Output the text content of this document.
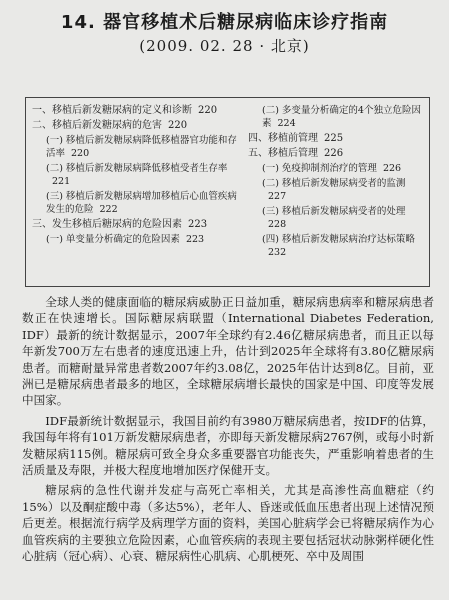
14. 器官移植术后糖尿病临床诊疗指南
(2009. 02. 28 · 北京)
一、移植后新发糖尿病的定义和诊断 220
二、移植后新发糖尿病的危害 220
(一) 移植后新发糖尿病降低移植器官功能和存活率 220
(二) 移植后新发糖尿病降低移植受者生存率221
(三) 移植后新发糖尿病增加移植后心血管疾病发生的危险 222
三、发生移植后糖尿病的危险因素 223
(一) 单变量分析确定的危险因素 223
(二) 多变量分析确定的4个独立危险因素 224
四、移植前管理 225
五、移植后管理 226
(一) 免疫抑制剂治疗的管理 226
(二) 移植后新发糖尿病受者的监测227
(三) 移植后新发糖尿病受者的处理228
(四) 移植后新发糖尿病治疗达标策略232

全球人类的健康面临的糖尿病威胁正日益加重，糖尿病患病率和糖尿病患者数正在快速增长。国际糖尿病联盟（International Diabetes Federation, IDF）最新的统计数据显示，2007年全球约有2.46亿糖尿病患者，而且正以每年新发700万左右患者的速度迅速上升，估计到2025年全球将有3.80亿糖尿病患者。而糖耐量异常患者数2007年约3.08亿，2025年估计达到8亿。目前，亚洲已是糖尿病患者最多的地区，全球糖尿病增长最快的国家是中国、印度等发展中国家。

IDF最新统计数据显示，我国目前约有3980万糖尿病患者，按IDF的估算，我国每年将有101万新发糖尿病患者，亦即每天新发糖尿病2767例，或每小时新发糖尿病115例。糖尿病可致全身众多重要器官功能丧失，严重影响着患者的生活质量及寿限，并极大程度地增加医疗保健开支。

糖尿病的急性代谢并发症与高死亡率相关，尤其是高渗性高血糖症（约15%）以及酮症酸中毒（多达5%），老年人、昏迷或低血压患者出现上述情况预后更差。根据流行病学及病理学方面的资料，美国心脏病学会已将糖尿病作为心血管疾病的主要独立危险因素，心血管疾病的表现主要包括冠状动脉粥样硬化性心脏病（冠心病）、心衰、糖尿病性心肌病、心肌梗死、卒中及周围
